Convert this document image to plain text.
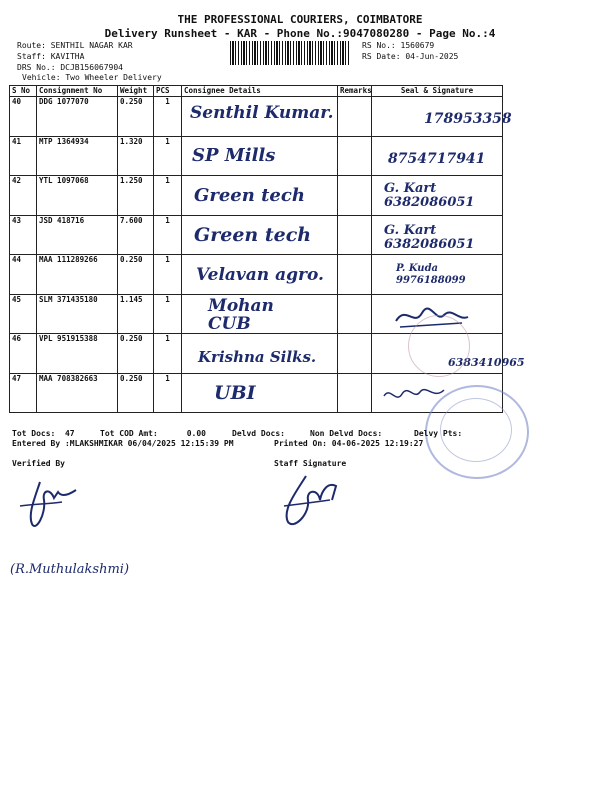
THE PROFESSIONAL COURIERS, COIMBATORE
Delivery Runsheet - KAR - Phone No.:9047080280 - Page No.:4
Route: SENTHIL NAGAR KAR
Staff: KAVITHA
DRS No.: DCJB156067904
Vehicle: Two Wheeler Delivery
RS No.: 1560679
RS Date: 04-Jun-2025
S No	Consignment No	Weight	PCS	Consignee Details	Remarks	Seal & Signature
40	DDG 1077070	0.250	1	Senthil Kumar.		178953358

41	MTP 1364934	1.320	1	SP Mills		8754717941

42	YTL 1097068	1.250	1	Green tech		G. Kart 6382086051

43	JSD 418716	7.600	1	Green tech		G. Kart 6382086051

44	MAA 111289266	0.250	1	Velavan agro.		P. Kuda 9976188099

45	SLM 371435180	1.145	1	Mohan CUB

46	VPL 951915388	0.250	1	Krishna Silks.		6383410965

47	MAA 708382663	0.250	1	UBI

Tot Docs:  47	Tot COD Amt:      0.00	Delvd Docs:	Non Delvd Docs:	Delvy Pts:
Entered By :MLAKSHMIKAR 06/04/2025 12:15:39 PM	Printed On: 04-06-2025 12:19:27
Verified By	Staff Signature
(R.Muthulakshmi)
